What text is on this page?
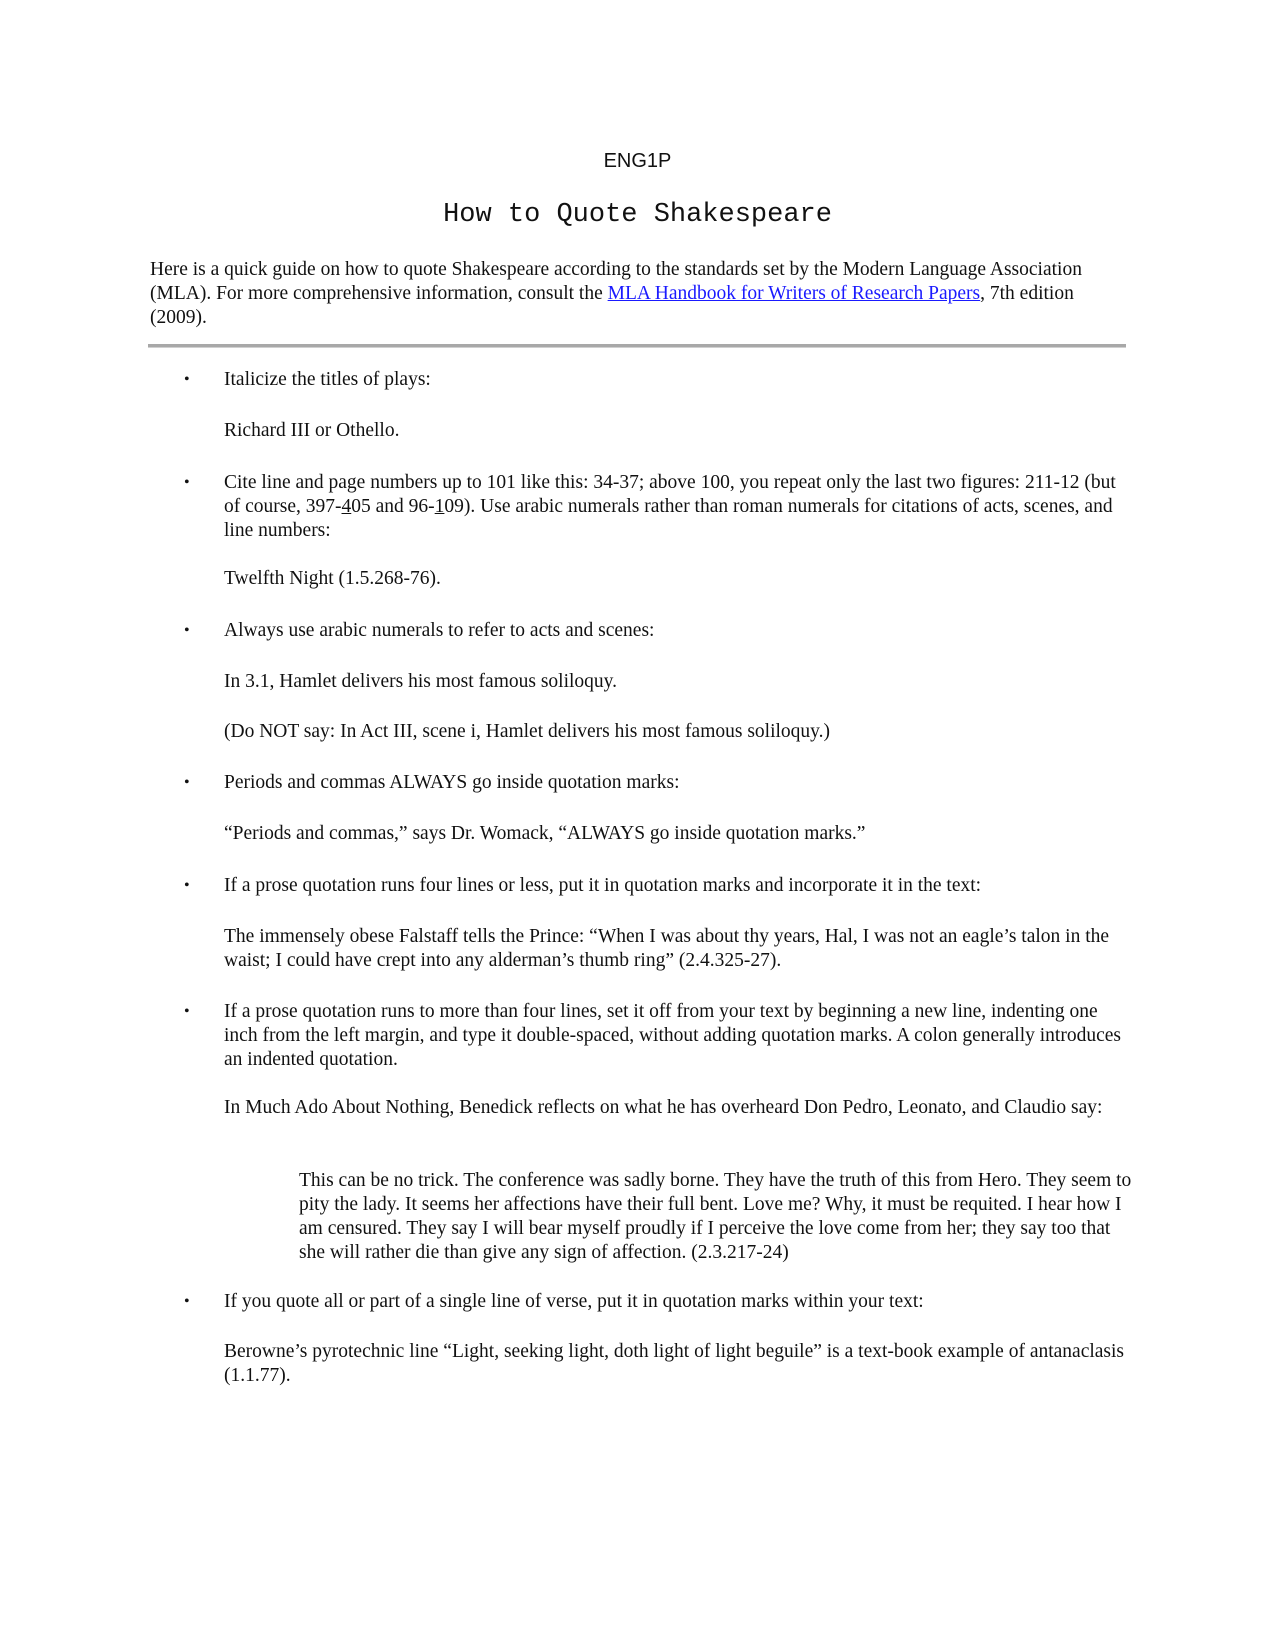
ENG1P
How to Quote Shakespeare
Here is a quick guide on how to quote Shakespeare according to the standards set by the Modern Language Association (MLA). For more comprehensive information, consult the MLA Handbook for Writers of Research Papers, 7th edition (2009).
• Italicize the titles of plays:
Richard III or Othello.
• Cite line and page numbers up to 101 like this: 34-37; above 100, you repeat only the last two figures: 211-12 (but of course, 397-405 and 96-109). Use arabic numerals rather than roman numerals for citations of acts, scenes, and line numbers:
Twelfth Night (1.5.268-76).
• Always use arabic numerals to refer to acts and scenes:
In 3.1, Hamlet delivers his most famous soliloquy.
(Do NOT say: In Act III, scene i, Hamlet delivers his most famous soliloquy.)
• Periods and commas ALWAYS go inside quotation marks:
“Periods and commas,” says Dr. Womack, “ALWAYS go inside quotation marks.”
• If a prose quotation runs four lines or less, put it in quotation marks and incorporate it in the text:
The immensely obese Falstaff tells the Prince: “When I was about thy years, Hal, I was not an eagle’s talon in the waist; I could have crept into any alderman’s thumb ring” (2.4.325-27).
• If a prose quotation runs to more than four lines, set it off from your text by beginning a new line, indenting one inch from the left margin, and type it double-spaced, without adding quotation marks. A colon generally introduces an indented quotation.
In Much Ado About Nothing, Benedick reflects on what he has overheard Don Pedro, Leonato, and Claudio say:
This can be no trick. The conference was sadly borne. They have the truth of this from Hero. They seem to pity the lady. It seems her affections have their full bent. Love me? Why, it must be requited. I hear how I am censured. They say I will bear myself proudly if I perceive the love come from her; they say too that she will rather die than give any sign of affection. (2.3.217-24)
• If you quote all or part of a single line of verse, put it in quotation marks within your text:
Berowne’s pyrotechnic line “Light, seeking light, doth light of light beguile” is a text-book example of antanaclasis (1.1.77).
